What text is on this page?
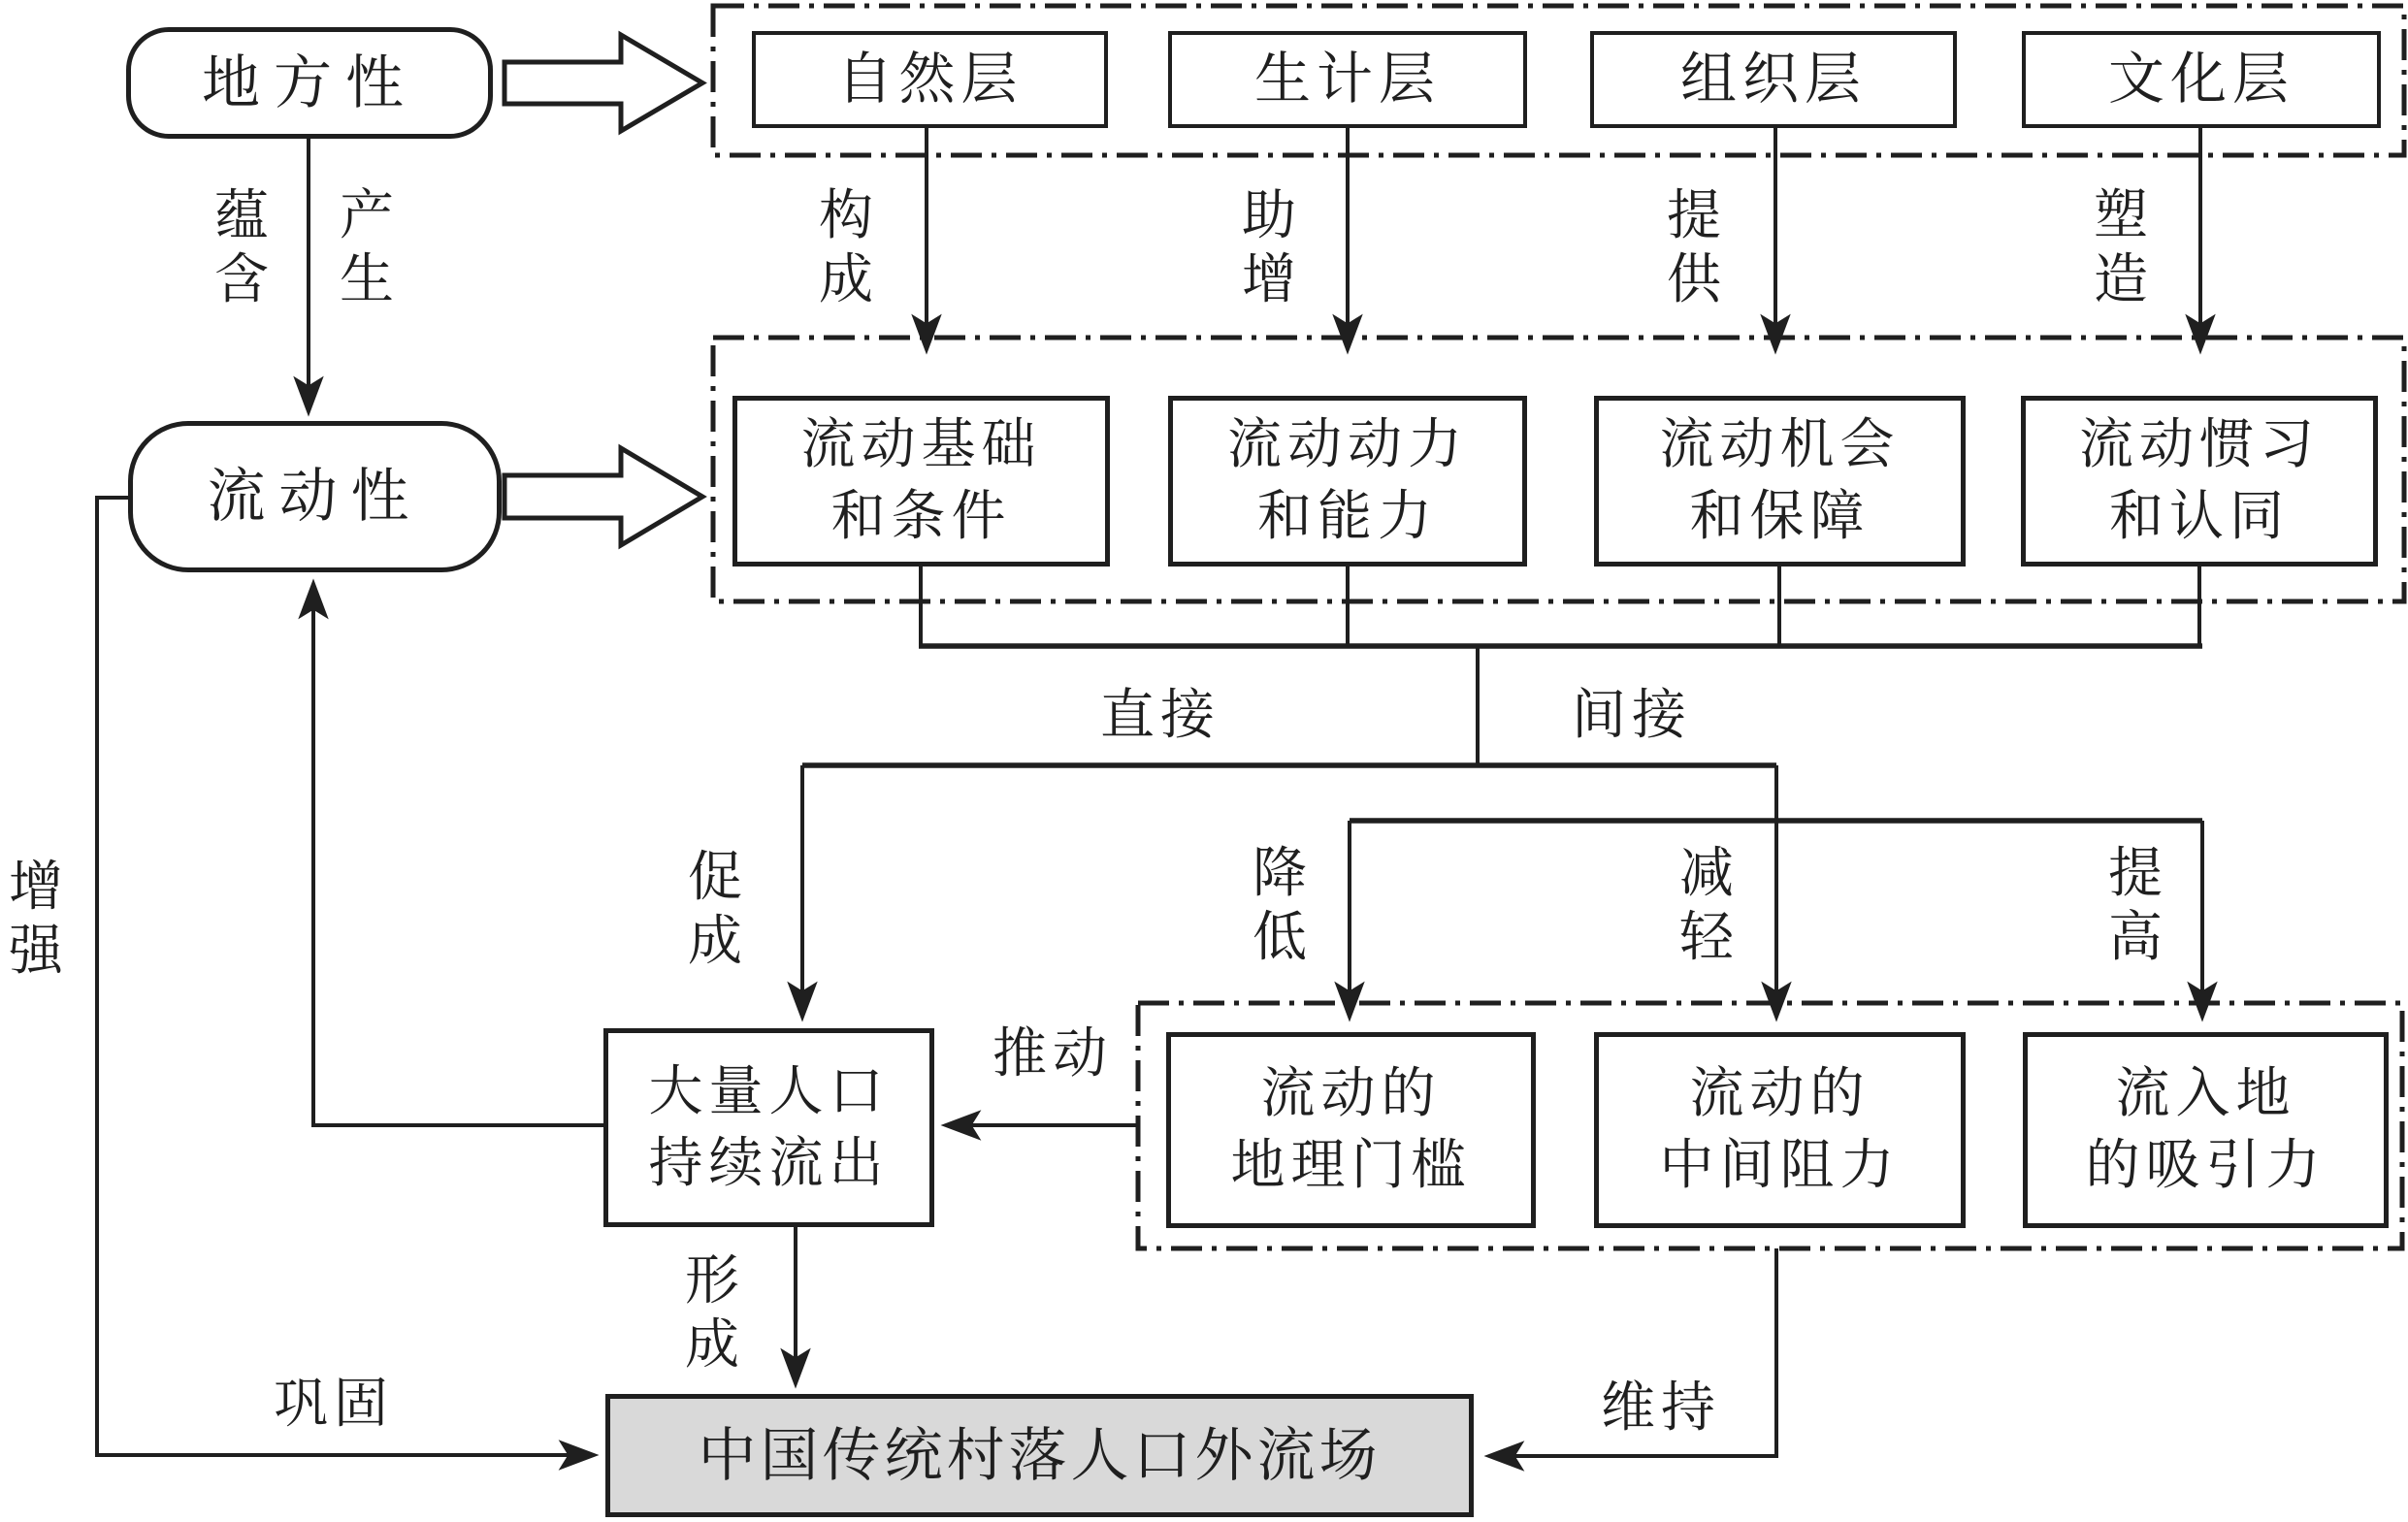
地方性
流动性
自然层	生计层	组织层	文化层
流动基础
和条件
流动动力
和能力
流动机会
和保障
流动惯习
和认同
流动的
地理门槛
流动的
中间阻力
流入地
的吸引力
大量人口
持续流出
中国传统村落人口外流场
蕴含
产生
构成
助增
提供
塑造
促成
降低
减轻
提高
形成
增强
直接	间接
推动
巩固	维持
